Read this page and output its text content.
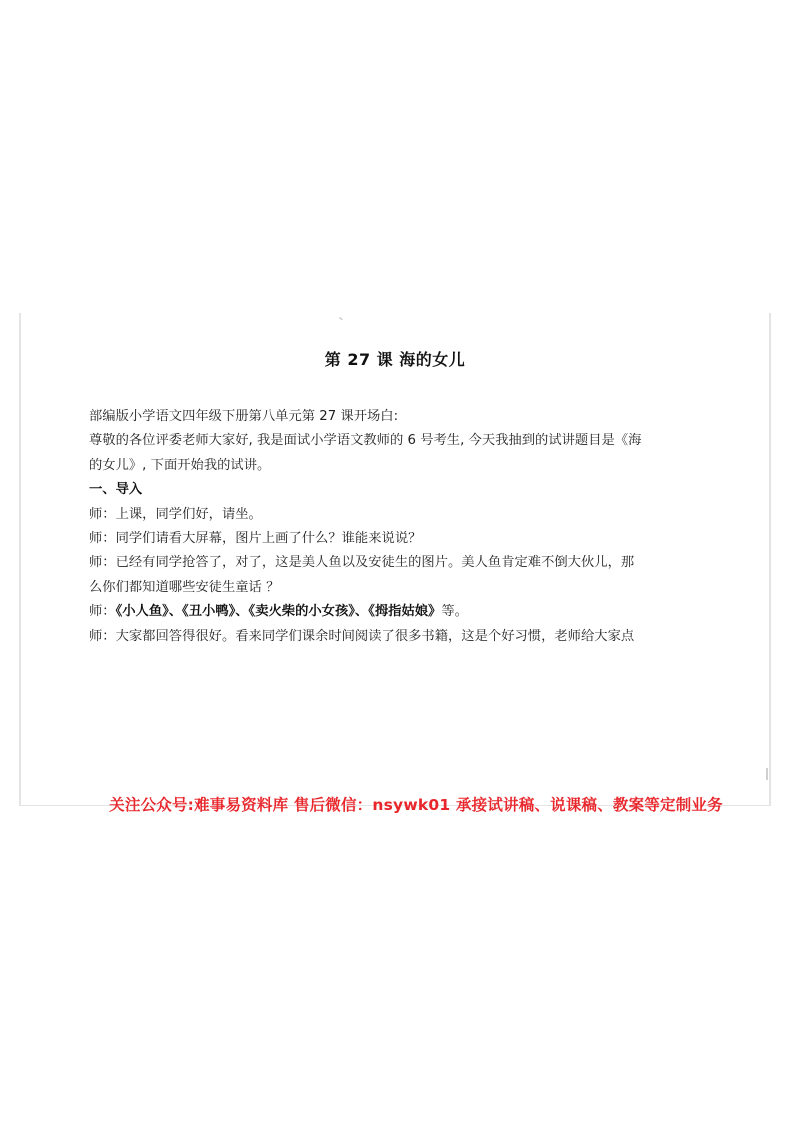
第 27 课 海的女儿

部编版小学语文四年级下册第八单元第 27 课开场白:

尊敬的各位评委老师大家好, 我是面试小学语文教师的 6 号考生, 今天我抽到的试讲题目是《海

的女儿》, 下面开始我的试讲。

一、导入

师：上课，同学们好，请坐。

师：同学们请看大屏幕，图片上画了什么？谁能来说说？

师：已经有同学抢答了，对了，这是美人鱼以及安徒生的图片。美人鱼肯定难不倒大伙儿，那

么你们都知道哪些安徒生童话 ？

师：《小人鱼》、《丑小鸭》、《卖火柴的小女孩》、《拇指姑娘》等。

师：大家都回答得很好。看来同学们课余时间阅读了很多书籍，这是个好习惯，老师给大家点

关注公众号:难事易资料库 售后微信：nsywk01 承接试讲稿、说课稿、教案等定制业务
